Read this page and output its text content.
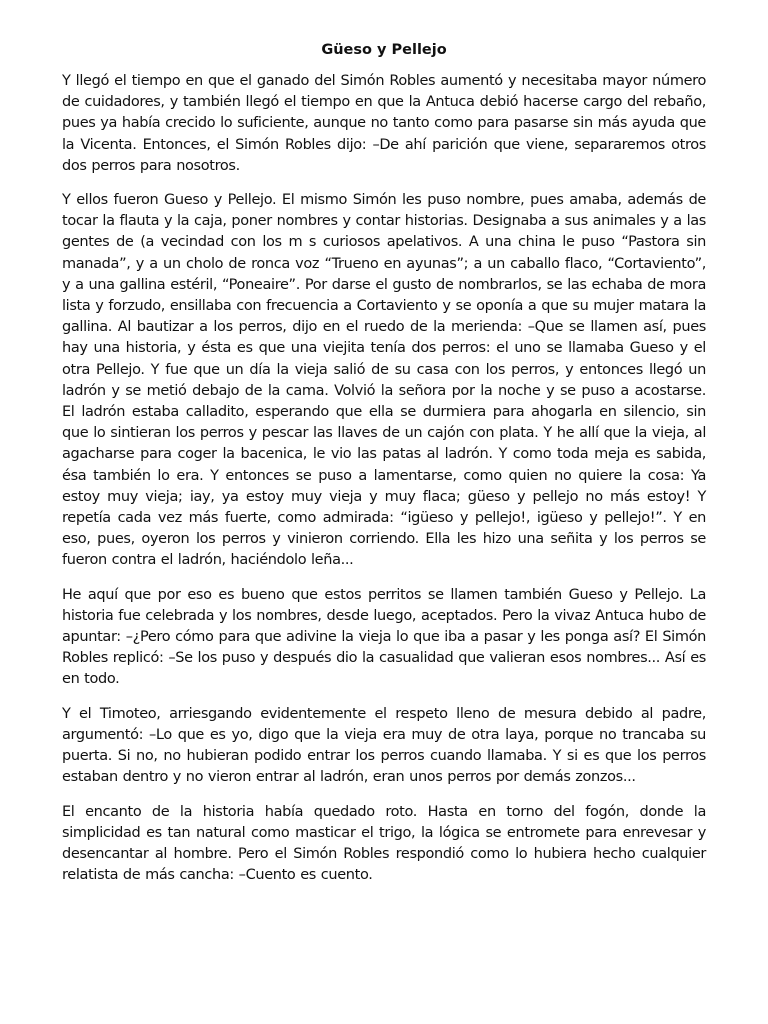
Güeso y Pellejo

Y llegó el tiempo en que el ganado del Simón Robles aumentó y necesitaba mayor número de cuidadores, y también llegó el tiempo en que la Antuca debió hacerse cargo del rebaño, pues ya había crecido lo suficiente, aunque no tanto como para pasarse sin más ayuda que la Vicenta. Entonces, el Simón Robles dijo: –De ahí parición que viene, separaremos otros dos perros para nosotros.

Y ellos fueron Gueso y Pellejo. El mismo Simón les puso nombre, pues amaba, además de tocar la flauta y la caja, poner nombres y contar historias. Designaba a sus animales y a las gentes de (a vecindad con los m s curiosos apelativos. A una china le puso “Pastora sin manada”, y a un cholo de ronca voz “Trueno en ayunas”; a un caballo flaco, “Cortaviento”, y a una gallina estéril, “Poneaire”. Por darse el gusto de nombrarlos, se las echaba de mora lista y forzudo, ensillaba con frecuencia a Cortaviento y se oponía a que su mujer matara la gallina. Al bautizar a los perros, dijo en el ruedo de la merienda: –Que se llamen así, pues hay una historia, y ésta es que una viejita tenía dos perros: el uno se llamaba Gueso y el otra Pellejo. Y fue que un día la vieja salió de su casa con los perros, y entonces llegó un ladrón y se metió debajo de la cama. Volvió la señora por la noche y se puso a acostarse. El ladrón estaba calladito, esperando que ella se durmiera para ahogarla en silencio, sin que lo sintieran los perros y pescar las llaves de un cajón con plata. Y he allí que la vieja, al agacharse para coger la bacenica, le vio las patas al ladrón. Y como toda meja es sabida, ésa también lo era. Y entonces se puso a lamentarse, como quien no quiere la cosa: Ya estoy muy vieja; iay, ya estoy muy vieja y muy flaca; güeso y pellejo no más estoy! Y repetía cada vez más fuerte, como admirada: “igüeso y pellejo!, igüeso y pellejo!”. Y en eso, pues, oyeron los perros y vinieron corriendo. Ella les hizo una señita y los perros se fueron contra el ladrón, haciéndolo leña...

He aquí que por eso es bueno que estos perritos se llamen también Gueso y Pellejo. La historia fue celebrada y los nombres, desde luego, aceptados. Pero la vivaz Antuca hubo de apuntar: –¿Pero cómo para que adivine la vieja lo que iba a pasar y les ponga así? El Simón Robles replicó: –Se los puso y después dio la casualidad que valieran esos nombres... Así es en todo.

Y el Timoteo, arriesgando evidentemente el respeto lleno de mesura debido al padre, argumentó: –Lo que es yo, digo que la vieja era muy de otra laya, porque no trancaba su puerta. Si no, no hubieran podido entrar los perros cuando llamaba. Y si es que los perros estaban dentro y no vieron entrar al ladrón, eran unos perros por demás zonzos...

El encanto de la historia había quedado roto. Hasta en torno del fogón, donde la simplicidad es tan natural como masticar el trigo, la lógica se entromete para enrevesar y desencantar al hombre. Pero el Simón Robles respondió como lo hubiera hecho cualquier relatista de más cancha: –Cuento es cuento.
